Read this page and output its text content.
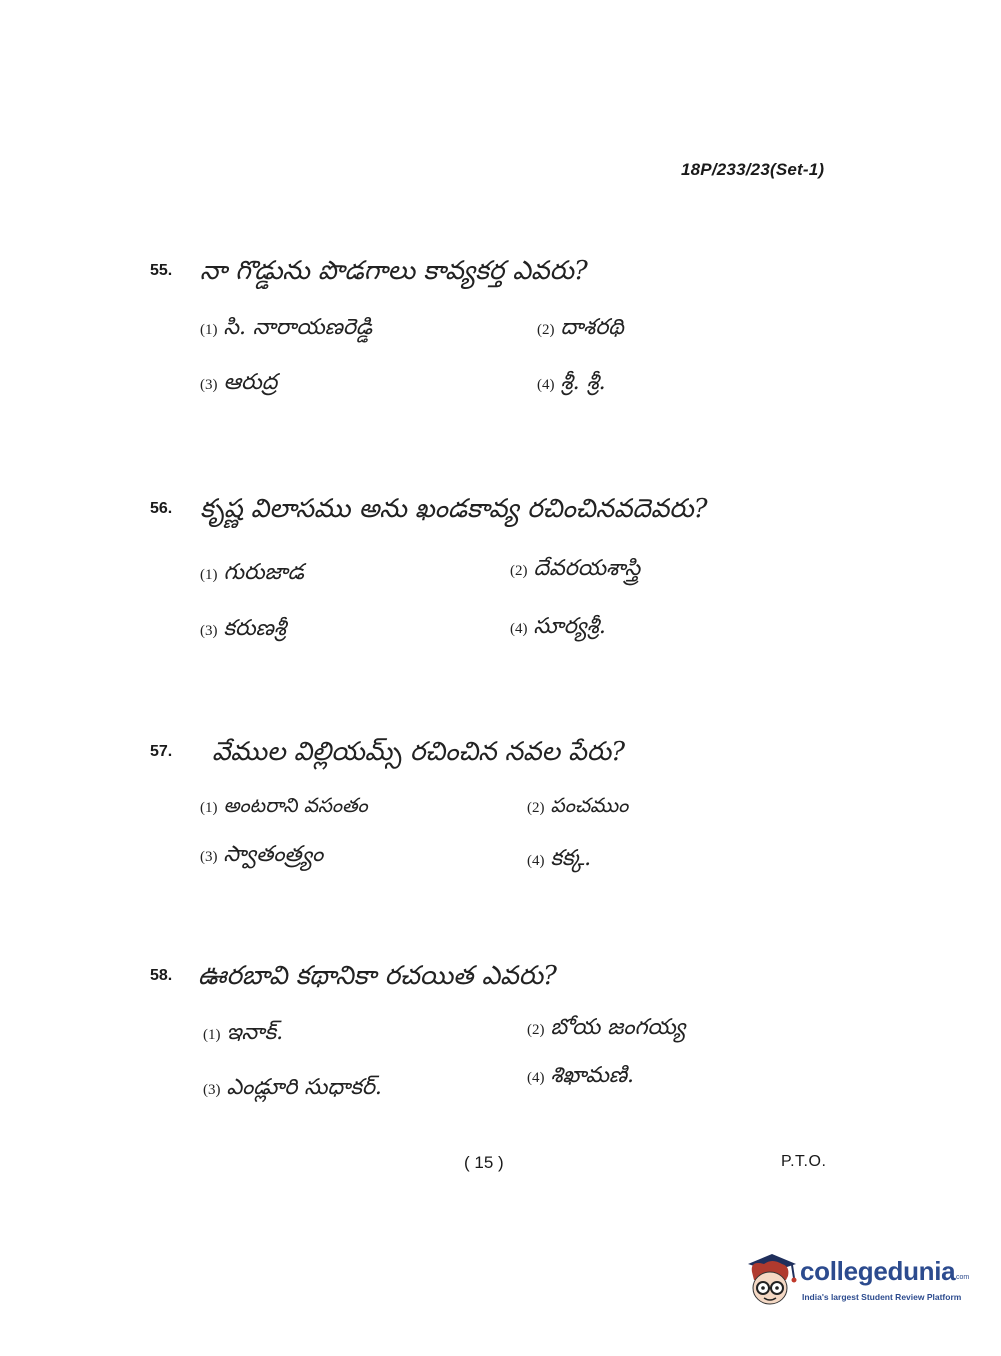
18P/233/23(Set-1)
55. నా గొడ్డును పొడగాలు కావ్యకర్త ఎవరు?
(1) సి. నారాయణరెడ్డి	(2) దాశరథి
(3) ఆరుద్ర	(4) శ్రీ. శ్రీ.
56. కృష్ణ విలాసము అను ఖండకావ్య రచించినవదెవరు?
(1) గురుజాడ	(2) దేవరయశాస్త్రి
(3) కరుణశ్రీ	(4) సూర్యశ్రీ.
57. వేముల విల్లియమ్స్ రచించిన నవల పేరు?
(1) అంటరాని వసంతం	(2) పంచముం
(3) స్వాతంత్ర్యం	(4) కక్క.
58. ఊరబావి కథానికా రచయిత ఎవరు?
(1) ఇనాక్.	(2) బోయ జంగయ్య
(3) ఎండ్లూరి సుధాకర్.	(4) శిఖామణి.
( 15 )	P.T.O.
collegedunia
.com
India's largest Student Review Platform
